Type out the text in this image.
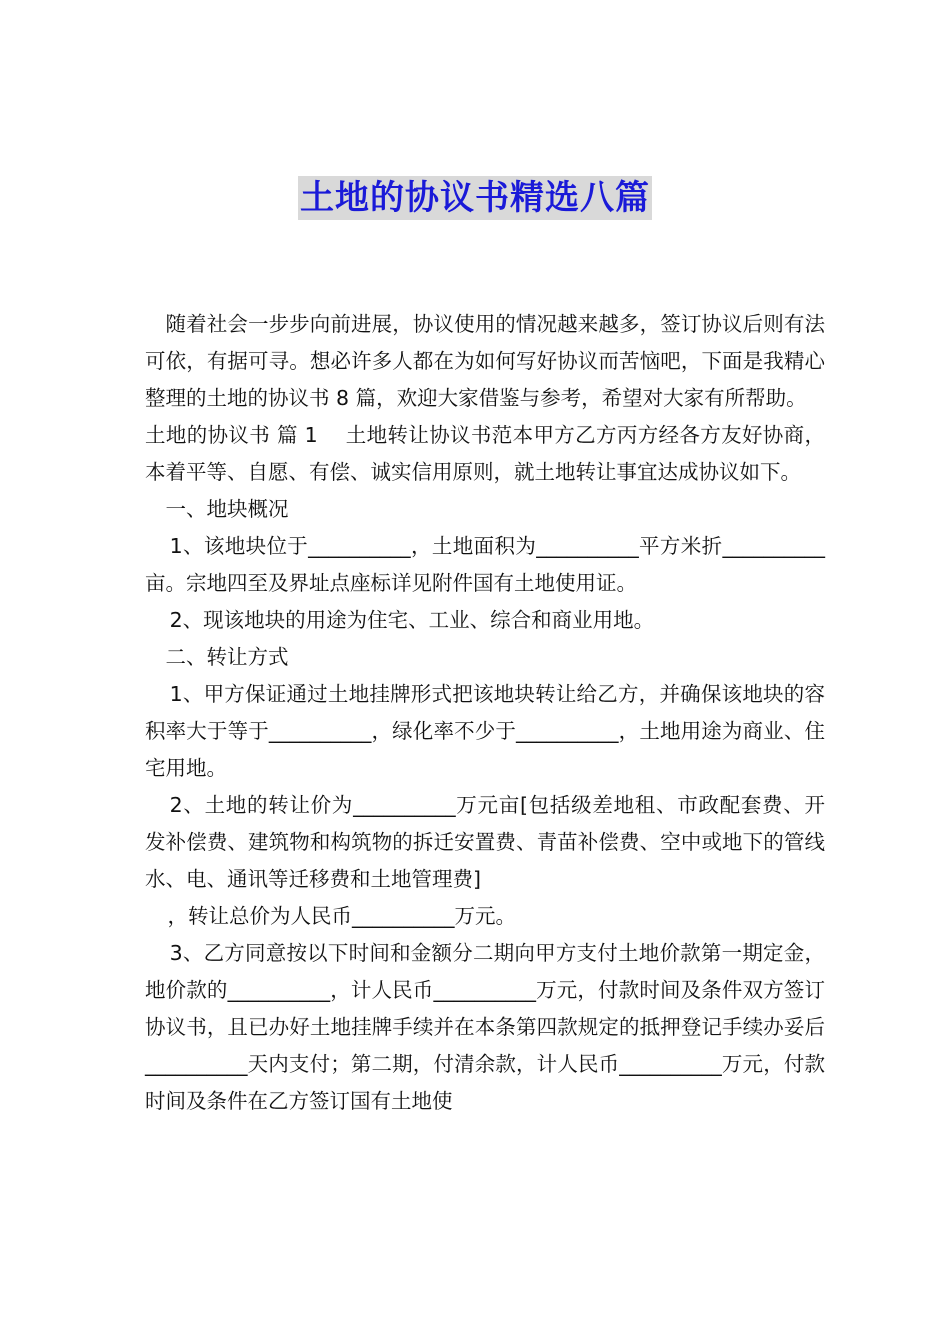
土地的协议书精选八篇

随着社会一步步向前进展，协议使用的情况越来越多，签订协议后则有法可依，有据可寻。想必许多人都在为如何写好协议而苦恼吧，下面是我精心整理的土地的协议书 8 篇，欢迎大家借鉴与参考，希望对大家有所帮助。

土地的协议书 篇 1　 土地转让协议书范本甲方乙方丙方经各方友好协商，本着平等、自愿、有偿、诚实信用原则，就土地转让事宜达成协议如下。

一、地块概况

1、该地块位于__________，土地面积为__________平方米折__________亩。宗地四至及界址点座标详见附件国有土地使用证。

2、现该地块的用途为住宅、工业、综合和商业用地。

二、转让方式

1、甲方保证通过土地挂牌形式把该地块转让给乙方，并确保该地块的容积率大于等于__________，绿化率不少于__________，土地用途为商业、住宅用地。

2、土地的转让价为__________万元亩[包括级差地租、市政配套费、开发补偿费、建筑物和构筑物的拆迁安置费、青苗补偿费、空中或地下的管线水、电、通讯等迁移费和土地管理费]

，转让总价为人民币__________万元。

3、乙方同意按以下时间和金额分二期向甲方支付土地价款第一期定金，地价款的__________，计人民币__________万元，付款时间及条件双方签订协议书，且已办好土地挂牌手续并在本条第四款规定的抵押登记手续办妥后__________天内支付；第二期，付清余款，计人民币__________万元，付款时间及条件在乙方签订国有土地使
